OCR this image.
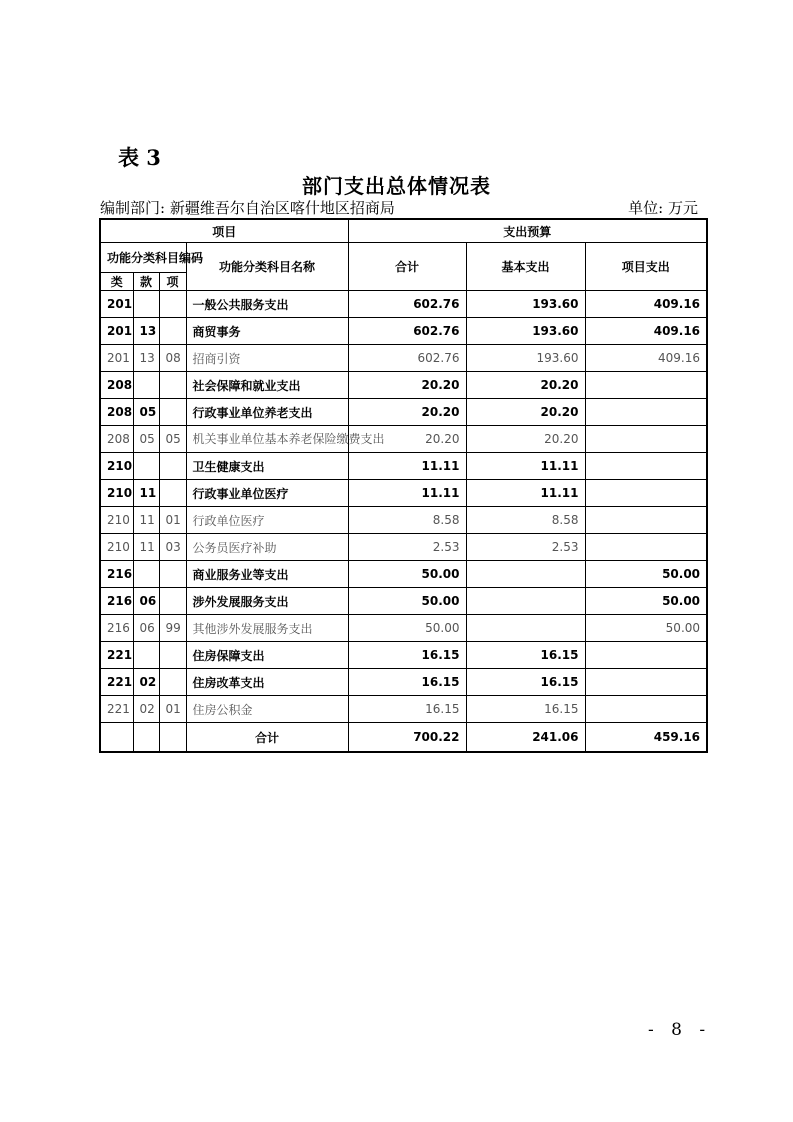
表 3
部门支出总体情况表
编制部门: 新疆维吾尔自治区喀什地区招商局	单位: 万元
项目				支出预算		
功能分类科目编码			功能分类科目名称	合计	基本支出	项目支出
类	款	项				
201			一般公共服务支出	602.76	193.60	409.16
201	13		商贸事务	602.76	193.60	409.16
201	13	08	招商引资	602.76	193.60	409.16
208			社会保障和就业支出	20.20	20.20	
208	05		行政事业单位养老支出	20.20	20.20	
208	05	05	机关事业单位基本养老保险缴费支出	20.20	20.20	
210			卫生健康支出	11.11	11.11	
210	11		行政事业单位医疗	11.11	11.11	
210	11	01	行政单位医疗	8.58	8.58	
210	11	03	公务员医疗补助	2.53	2.53	
216			商业服务业等支出	50.00		50.00
216	06		涉外发展服务支出	50.00		50.00
216	06	99	其他涉外发展服务支出	50.00		50.00
221			住房保障支出	16.15	16.15	
221	02		住房改革支出	16.15	16.15	
221	02	01	住房公积金	16.15	16.15	
			合计	700.22	241.06	459.16
- 8 -
